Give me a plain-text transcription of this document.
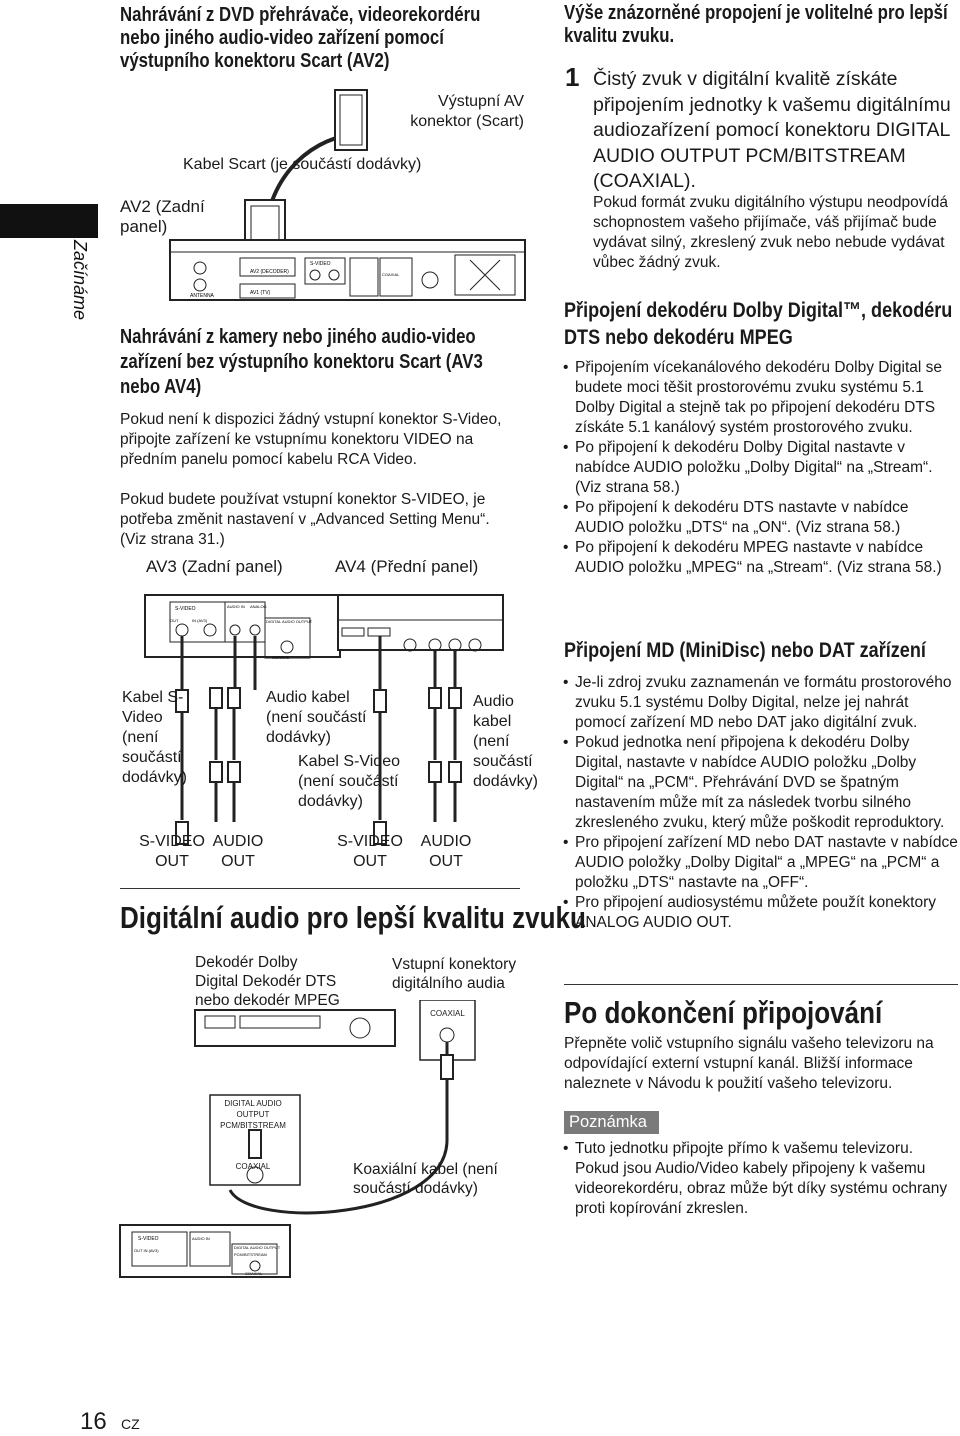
Začínáme
Nahrávání z DVD přehrávače, videorekordéru nebo jiného audio-video zařízení pomocí výstupního konektoru Scart (AV2)
S-VIDEO
ANTENNA
AV2 (DECODER)
AV1 (TV)
COAXIAL
AV2 (Zadní panel)
Kabel Scart (je součástí dodávky)
Výstupní AV konektor (Scart)
Nahrávání z kamery nebo jiného audio-video zařízení bez výstupního konektoru Scart (AV3 nebo AV4)
Pokud není k dispozici žádný vstupní konektor S-Video, připojte zařízení ke vstupnímu konektoru VIDEO na předním panelu pomocí kabelu RCA Video.
Pokud budete používat vstupní konektor S-VIDEO, je potřeba změnit nastavení v „Advanced Setting Menu“. (Viz strana 31.)
AV3 (Zadní panel)	AV4 (Přední panel)
S-VIDEO
OUT	IN (AV3)
AUDIO IN ANALOG
DIGITAL AUDIO OUTPUT
COAXIAL
Kabel S-Video (není součástí dodávky)
Audio kabel (není součástí dodávky)
Kabel S-Video (není součástí dodávky)
Audio kabel (není součástí dodávky)
S-VIDEO OUT
AUDIO OUT
S-VIDEO OUT
AUDIO OUT
Digitální audio pro lepší kvalitu zvuku
Dekodér Dolby Digital Dekodér DTS nebo dekodér MPEG
Vstupní konektory digitálního audia
S-VIDEO
OUT IN (AV3)
AUDIO IN
DIGITAL AUDIO OUTPUT
PCM/BITSTREAM
COAXIAL
COAXIAL
DIGITAL AUDIO OUTPUT PCM/BITSTREAM
COAXIAL	Koaxiální kabel (není součástí dodávky)
16 CZ
Výše znázorněné propojení je volitelné pro lepší kvalitu zvuku.
1 Čistý zvuk v digitální kvalitě získáte připojením jednotky k vašemu digitálnímu audiozařízení pomocí konektoru DIGITAL AUDIO OUTPUT PCM/BITSTREAM (COAXIAL).
Pokud formát zvuku digitálního výstupu neodpovídá schopnostem vašeho přijímače, váš přijímač bude vydávat silný, zkreslený zvuk nebo nebude vydávat vůbec žádný zvuk.
Připojení dekodéru Dolby Digital™, dekodéru DTS nebo dekodéru MPEG
• Připojením vícekanálového dekodéru Dolby Digital se budete moci těšit prostorovému zvuku systému 5.1 Dolby Digital a stejně tak po připojení dekodéru DTS získáte 5.1 kanálový systém prostorového zvuku.
• Po připojení k dekodéru Dolby Digital nastavte v nabídce AUDIO položku „Dolby Digital“ na „Stream“. (Viz strana 58.)
• Po připojení k dekodéru DTS nastavte v nabídce AUDIO položku „DTS“ na „ON“. (Viz strana 58.)
• Po připojení k dekodéru MPEG nastavte v nabídce AUDIO položku „MPEG“ na „Stream“. (Viz strana 58.)
Připojení MD (MiniDisc) nebo DAT zařízení
• Je-li zdroj zvuku zaznamenán ve formátu prostorového zvuku 5.1 systému Dolby Digital, nelze jej nahrát pomocí zařízení MD nebo DAT jako digitální zvuk.
• Pokud jednotka není připojena k dekodéru Dolby Digital, nastavte v nabídce AUDIO položku „Dolby Digital“ na „PCM“. Přehrávání DVD se špatným nastavením může mít za následek tvorbu silného zkresleného zvuku, který může poškodit reproduktory.
• Pro připojení zařízení MD nebo DAT nastavte v nabídce AUDIO položky „Dolby Digital“ a „MPEG“ na „PCM“ a položku „DTS“ nastavte na „OFF“.
• Pro připojení audiosystému můžete použít konektory ANALOG AUDIO OUT.
Po dokončení připojování
Přepněte volič vstupního signálu vašeho televizoru na odpovídající externí vstupní kanál. Bližší informace naleznete v Návodu k použití vašeho televizoru.
Poznámka
• Tuto jednotku připojte přímo k vašemu televizoru. Pokud jsou Audio/Video kabely připojeny k vašemu videorekordéru, obraz může být díky systému ochrany proti kopírování zkreslen.
